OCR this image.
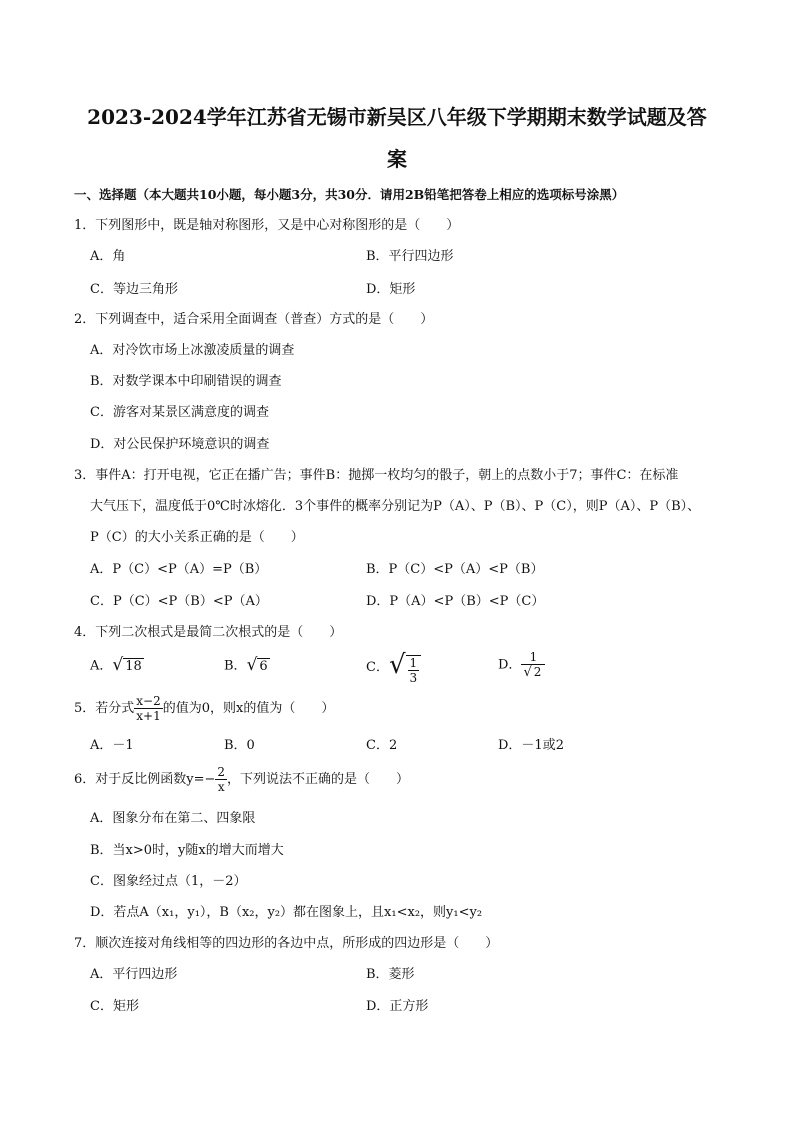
2023-2024学年江苏省无锡市新吴区八年级下学期期末数学试题及答
案
一、选择题（本大题共10小题，每小题3分，共30分．请用2B铅笔把答卷上相应的选项标号涂黑）
1．下列图形中，既是轴对称图形，又是中心对称图形的是（　　）
A．角	B．平行四边形
C．等边三角形	D．矩形
2．下列调查中，适合采用全面调查（普查）方式的是（　　）
A．对冷饮市场上冰激凌质量的调查
B．对数学课本中印刷错误的调查
C．游客对某景区满意度的调查
D．对公民保护环境意识的调查
3．事件A：打开电视，它正在播广告；事件B：抛掷一枚均匀的骰子，朝上的点数小于7；事件C：在标准
大气压下，温度低于0℃时冰熔化．3个事件的概率分别记为P（A）、P（B）、P（C），则P（A）、P（B）、
P（C）的大小关系正确的是（　　）
A．P（C）<P（A）=P（B）	B．P（C）<P（A）<P（B）
C．P（C）<P（B）<P（A）	D．P（A）<P（B）<P（C）
4．下列二次根式是最简二次根式的是（　　）
A．√ 18	B．√ 6	C．√ $\frac{1}{3}$	D． $\frac{1}{√ 2}$
5．若分式 $\frac{x-2}{x+1}$ 的值为0，则x的值为（　　）
A．－1	B．0	C．2	D．－1或2
6．对于反比例函数$y=- \frac{2}{x}$ ，下列说法不正确的是（　　）
A．图象分布在第二、四象限
B．当x>0时，y随x的增大而增大
C．图象经过点（1，－2）
D．若点A（x₁，y₁），B（x₂，y₂）都在图象上，且x₁<x₂，则y₁<y₂
7．顺次连接对角线相等的四边形的各边中点，所形成的四边形是（　　）
A．平行四边形	B．菱形
C．矩形	D．正方形
